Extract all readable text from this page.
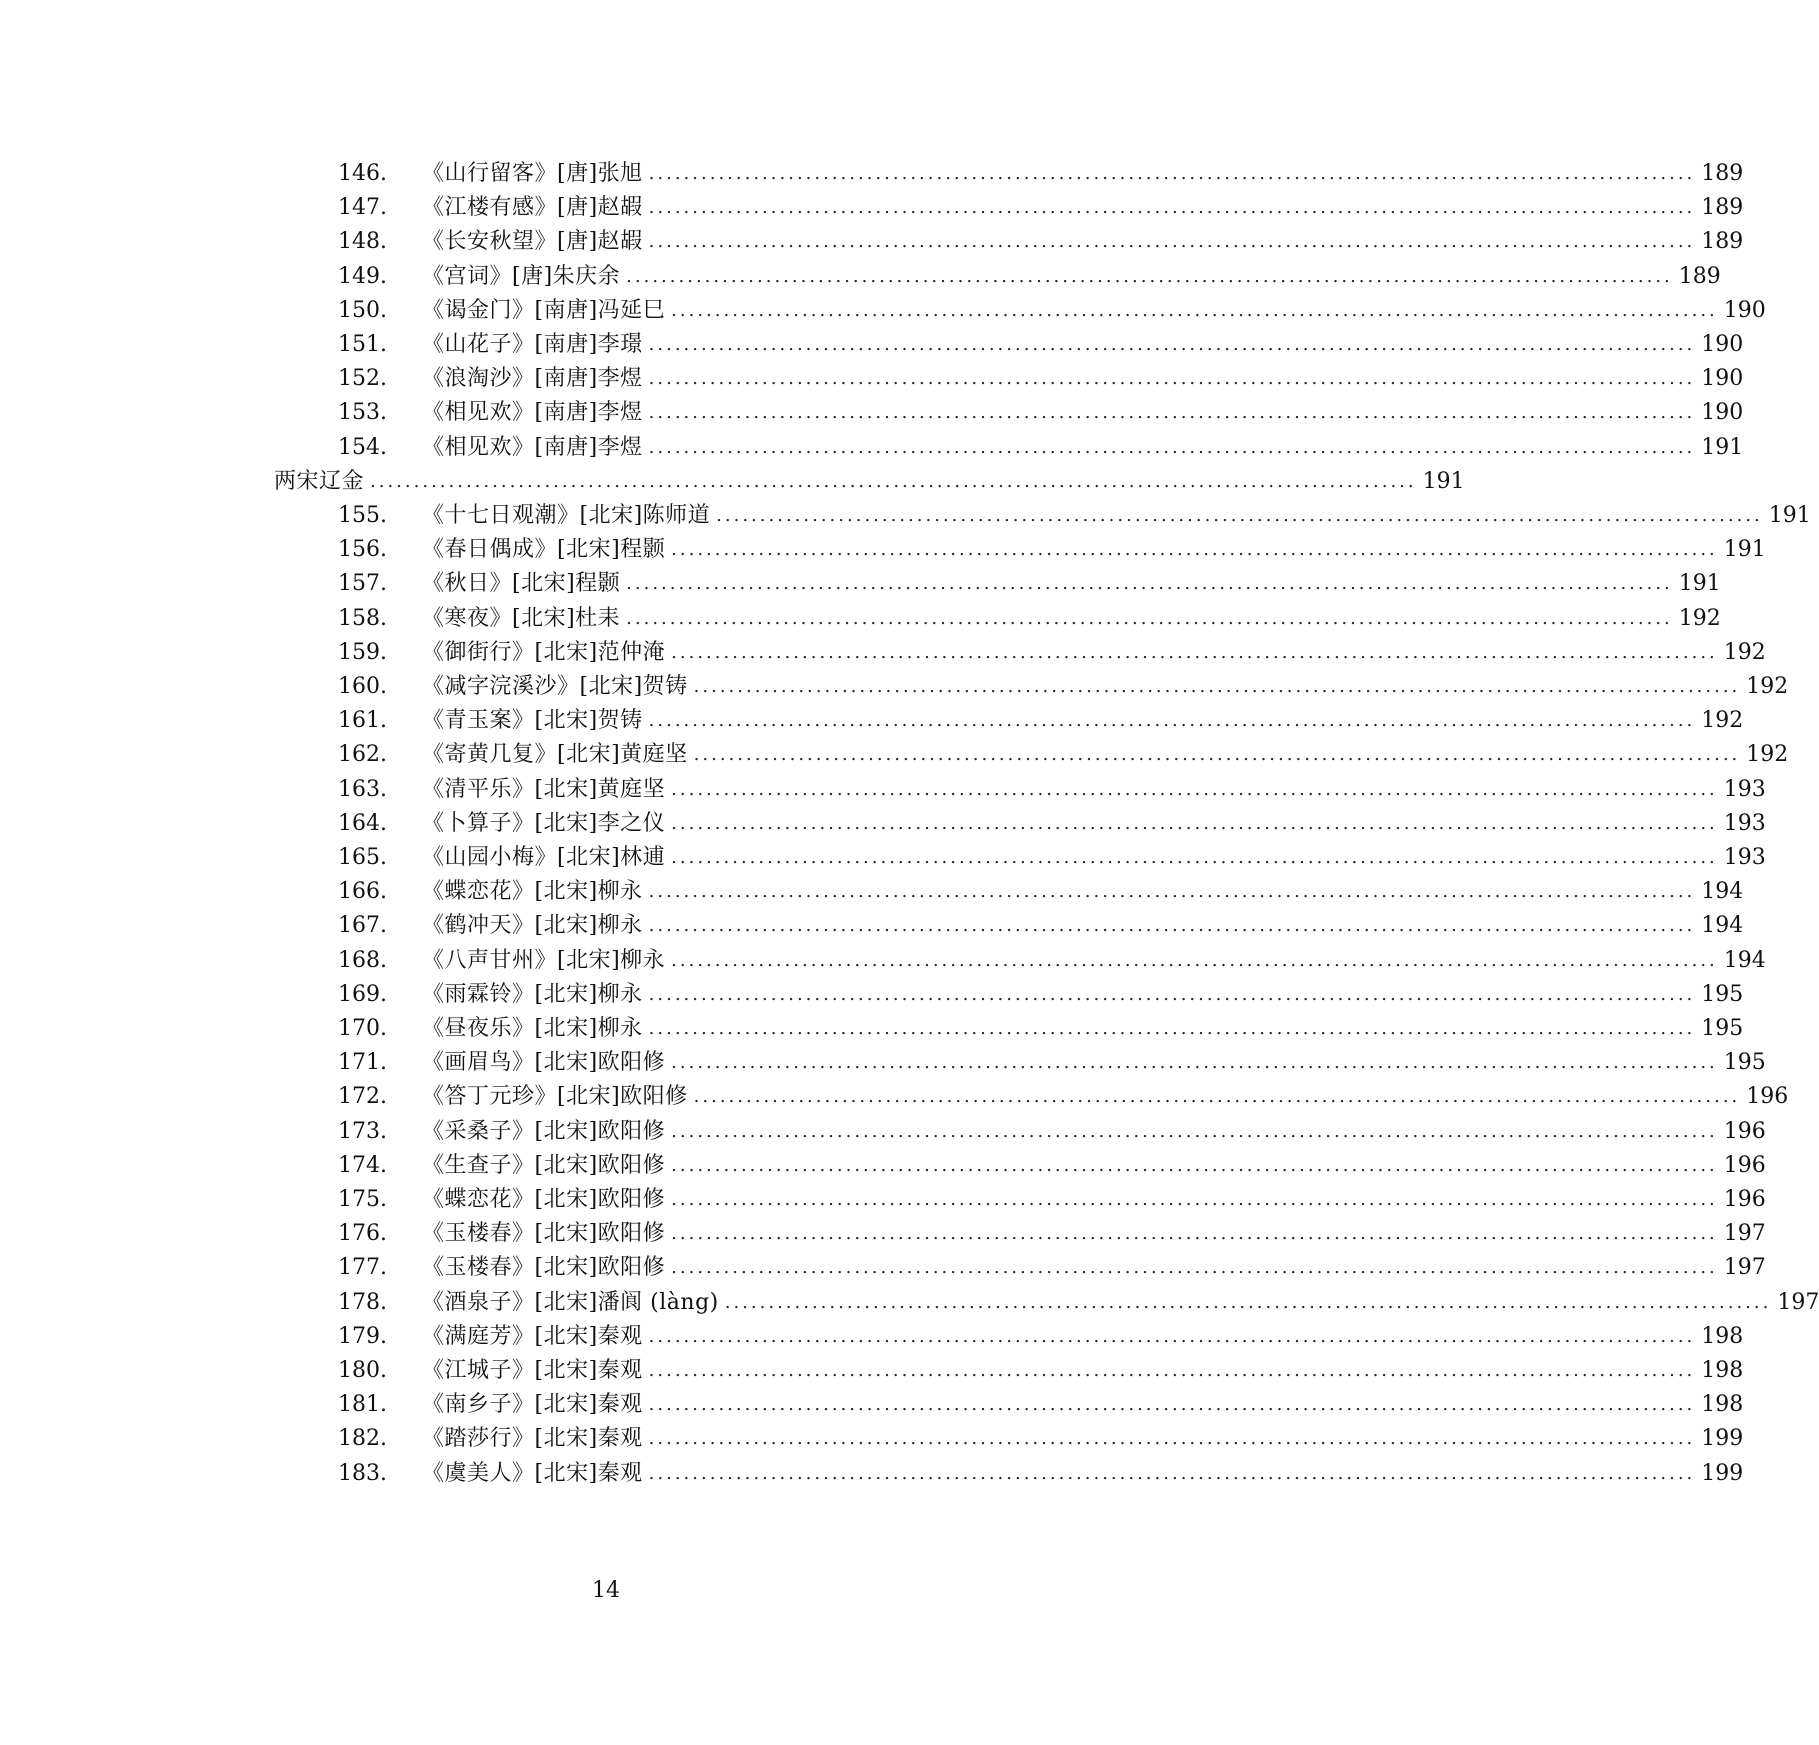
146.	《山行留客》[唐]张旭 ........................................................................................................................ 189
147.	《江楼有感》[唐]赵嘏 ........................................................................................................................ 189
148.	《长安秋望》[唐]赵嘏 ........................................................................................................................ 189
149.	《宫词》[唐]朱庆余 ........................................................................................................................ 189
150.	《谒金门》[南唐]冯延巳 ........................................................................................................................ 190
151.	《山花子》[南唐]李璟 ........................................................................................................................ 190
152.	《浪淘沙》[南唐]李煜 ........................................................................................................................ 190
153.	《相见欢》[南唐]李煜 ........................................................................................................................ 190
154.	《相见欢》[南唐]李煜 ........................................................................................................................ 191
两宋辽金 ........................................................................................................................ 191
155.	《十七日观潮》[北宋]陈师道 ........................................................................................................................ 191
156.	《春日偶成》[北宋]程颢 ........................................................................................................................ 191
157.	《秋日》[北宋]程颢 ........................................................................................................................ 191
158.	《寒夜》[北宋]杜耒 ........................................................................................................................ 192
159.	《御街行》[北宋]范仲淹 ........................................................................................................................ 192
160.	《减字浣溪沙》[北宋]贺铸 ........................................................................................................................ 192
161.	《青玉案》[北宋]贺铸 ........................................................................................................................ 192
162.	《寄黄几复》[北宋]黄庭坚 ........................................................................................................................ 192
163.	《清平乐》[北宋]黄庭坚 ........................................................................................................................ 193
164.	《卜算子》[北宋]李之仪 ........................................................................................................................ 193
165.	《山园小梅》[北宋]林逋 ........................................................................................................................ 193
166.	《蝶恋花》[北宋]柳永 ........................................................................................................................ 194
167.	《鹤冲天》[北宋]柳永 ........................................................................................................................ 194
168.	《八声甘州》[北宋]柳永 ........................................................................................................................ 194
169.	《雨霖铃》[北宋]柳永 ........................................................................................................................ 195
170.	《昼夜乐》[北宋]柳永 ........................................................................................................................ 195
171.	《画眉鸟》[北宋]欧阳修 ........................................................................................................................ 195
172.	《答丁元珍》[北宋]欧阳修 ........................................................................................................................ 196
173.	《采桑子》[北宋]欧阳修 ........................................................................................................................ 196
174.	《生查子》[北宋]欧阳修 ........................................................................................................................ 196
175.	《蝶恋花》[北宋]欧阳修 ........................................................................................................................ 196
176.	《玉楼春》[北宋]欧阳修 ........................................................................................................................ 197
177.	《玉楼春》[北宋]欧阳修 ........................................................................................................................ 197
178.	《酒泉子》[北宋]潘阆 (làng) ........................................................................................................................ 197
179.	《满庭芳》[北宋]秦观 ........................................................................................................................ 198
180.	《江城子》[北宋]秦观 ........................................................................................................................ 198
181.	《南乡子》[北宋]秦观 ........................................................................................................................ 198
182.	《踏莎行》[北宋]秦观 ........................................................................................................................ 199
183.	《虞美人》[北宋]秦观 ........................................................................................................................ 199
14
